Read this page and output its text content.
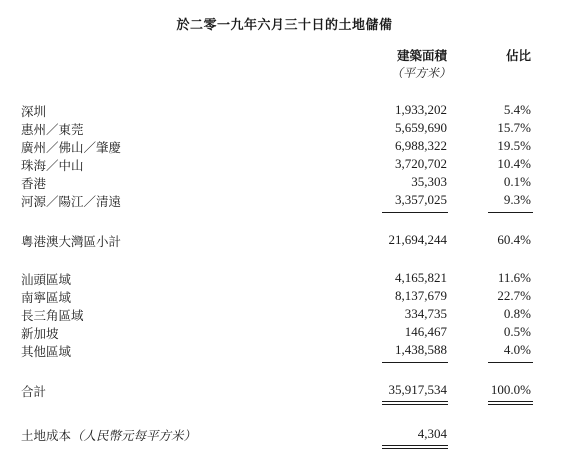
於二零一九年六月三十日的土地儲備
建築面積
（平方米）
佔比
深圳	1,933,202	5.4%
惠州／東莞	5,659,690	15.7%
廣州／佛山／肇慶	6,988,322	19.5%
珠海／中山	3,720,702	10.4%
香港	35,303	0.1%
河源／陽江／清遠	3,357,025	9.3%
粵港澳大灣區小計	21,694,244	60.4%
汕頭區域	4,165,821	11.6%
南寧區域	8,137,679	22.7%
長三角區域	334,735	0.8%
新加坡	146,467	0.5%
其他區域	1,438,588	4.0%
合計	35,917,534	100.0%
土地成本（人民幣元每平方米）	4,304
